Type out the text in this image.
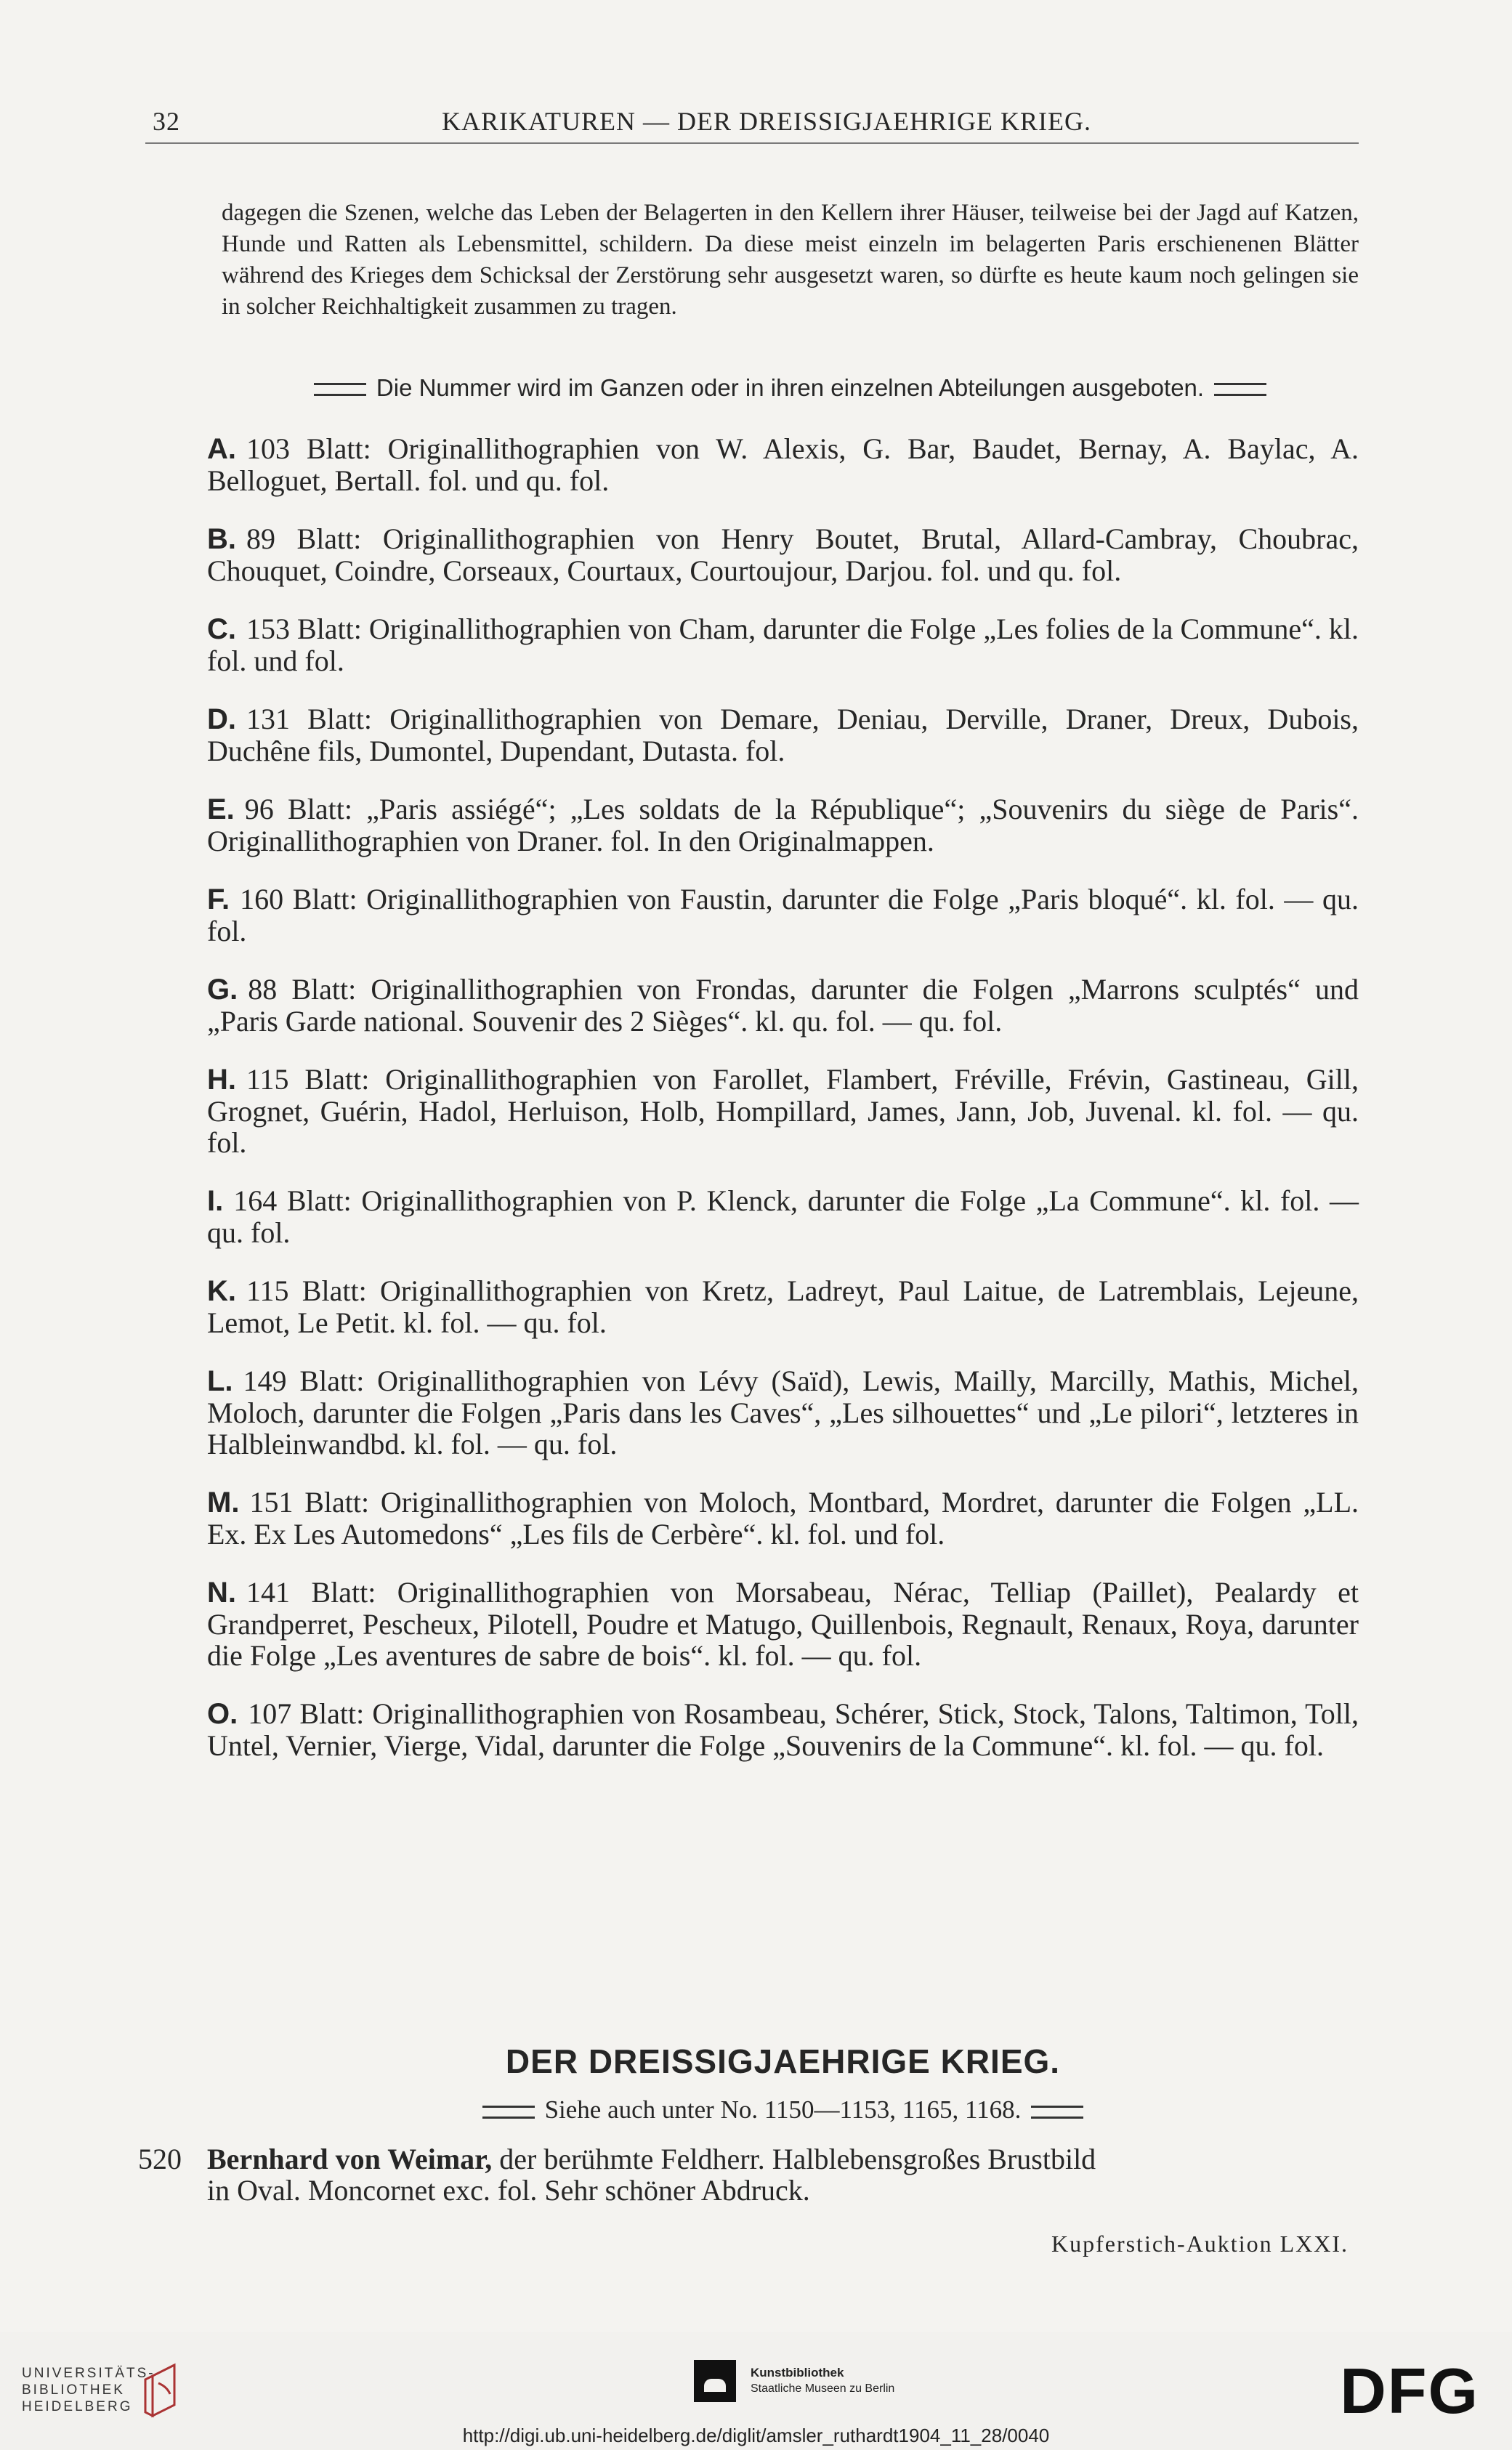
32	KARIKATUREN — DER DREISSIGJAEHRIGE KRIEG.

dagegen die Szenen, welche das Leben der Belagerten in den Kellern ihrer Häuser, teilweise bei der Jagd auf Katzen, Hunde und Ratten als Lebensmittel, schildern. Da diese meist einzeln im belagerten Paris erschienenen Blätter während des Krieges dem Schicksal der Zerstörung sehr ausgesetzt waren, so dürfte es heute kaum noch gelingen sie in solcher Reichhaltigkeit zusammen zu tragen.

Die Nummer wird im Ganzen oder in ihren einzelnen Abteilungen ausgeboten.

A. 103 Blatt: Originallithographien von W. Alexis, G. Bar, Baudet, Bernay, A. Baylac, A. Belloguet, Bertall. fol. und qu. fol.

B. 89 Blatt: Originallithographien von Henry Boutet, Brutal, Allard-Cambray, Choubrac, Chouquet, Coindre, Corseaux, Courtaux, Courtoujour, Darjou. fol. und qu. fol.

C. 153 Blatt: Originallithographien von Cham, darunter die Folge „Les folies de la Commune“. kl. fol. und fol.

D. 131 Blatt: Originallithographien von Demare, Deniau, Derville, Draner, Dreux, Dubois, Duchêne fils, Dumontel, Dupendant, Dutasta. fol.

E. 96 Blatt: „Paris assiégé“; „Les soldats de la République“; „Souvenirs du siège de Paris“. Originallithographien von Draner. fol. In den Originalmappen.

F. 160 Blatt: Originallithographien von Faustin, darunter die Folge „Paris bloqué“. kl. fol. — qu. fol.

G. 88 Blatt: Originallithographien von Frondas, darunter die Folgen „Marrons sculptés“ und „Paris Garde national. Souvenir des 2 Sièges“. kl. qu. fol. — qu. fol.

H. 115 Blatt: Originallithographien von Farollet, Flambert, Fréville, Frévin, Gastineau, Gill, Grognet, Guérin, Hadol, Herluison, Holb, Hompillard, James, Jann, Job, Juvenal. kl. fol. — qu. fol.

I. 164 Blatt: Originallithographien von P. Klenck, darunter die Folge „La Commune“. kl. fol. — qu. fol.

K. 115 Blatt: Originallithographien von Kretz, Ladreyt, Paul Laitue, de Latremblais, Lejeune, Lemot, Le Petit. kl. fol. — qu. fol.

L. 149 Blatt: Originallithographien von Lévy (Saïd), Lewis, Mailly, Marcilly, Mathis, Michel, Moloch, darunter die Folgen „Paris dans les Caves“, „Les silhouettes“ und „Le pilori“, letzteres in Halbleinwandbd. kl. fol. — qu. fol.

M. 151 Blatt: Originallithographien von Moloch, Montbard, Mordret, darunter die Folgen „LL. Ex. Ex Les Automedons“ „Les fils de Cerbère“. kl. fol. und fol.

N. 141 Blatt: Originallithographien von Morsabeau, Nérac, Telliap (Paillet), Pealardy et Grandperret, Pescheux, Pilotell, Poudre et Matugo, Quillenbois, Regnault, Renaux, Roya, darunter die Folge „Les aventures de sabre de bois“. kl. fol. — qu. fol.

O. 107 Blatt: Originallithographien von Rosambeau, Schérer, Stick, Stock, Talons, Taltimon, Toll, Untel, Vernier, Vierge, Vidal, darunter die Folge „Souvenirs de la Commune“. kl. fol. — qu. fol.

DER DREISSIGJAEHRIGE KRIEG.
Siehe auch unter No. 1150—1153, 1165, 1168.
520 Bernhard von Weimar, der berühmte Feldherr. Halblebensgroßes Brustbild
in Oval. Moncornet exc. fol. Sehr schöner Abdruck.
Kupferstich-Auktion LXXI.
UNIVERSITÄTS-
BIBLIOTHEK
HEIDELBERG
Kunstbibliothek
Staatliche Museen zu Berlin	DFG
http://digi.ub.uni-heidelberg.de/diglit/amsler_ruthardt1904_11_28/0040
